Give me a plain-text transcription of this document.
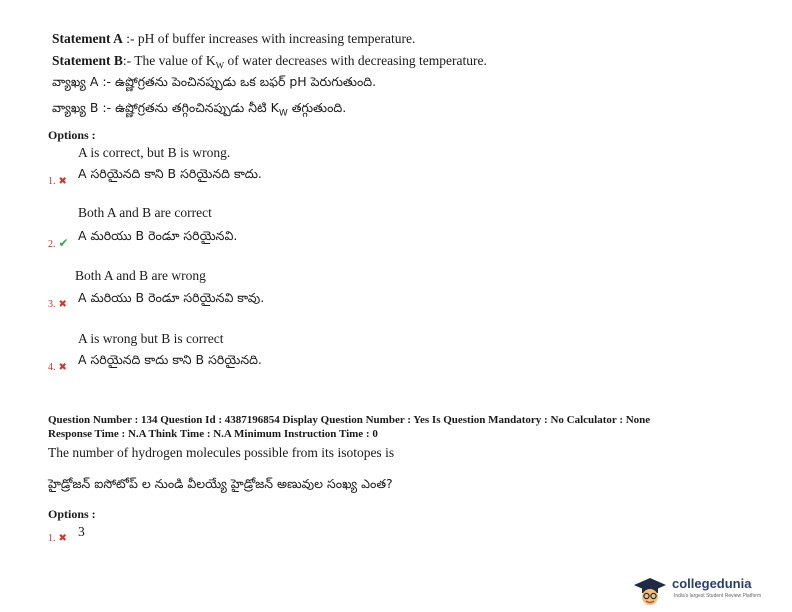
Statement A :- pH of buffer increases with increasing temperature.
Statement B:- The value of $K_W$ of water decreases with decreasing temperature.
వ్యాఖ్య A :- ఉష్ణోగ్రతను పెంచినప్పుడు ఒక బఫర్ pH పెరుగుతుంది.
వ్యాఖ్య B :- ఉష్ణోగ్రతను తగ్గించినప్పుడు నీటి $K_W$ తగ్గుతుంది.
Options :
A is correct, but B is wrong.
A సరియైనది కాని B సరియైనది కాదు.
1. ✖
Both A and B are correct
A మరియు B రెండూ సరియైనవి.
2. ✔
Both A and B are wrong
A మరియు B రెండూ సరియైనవి కావు.
3. ✖
A is wrong but B is correct
A సరియైనది కాదు కాని B సరియైనది.
4. ✖
Question Number : 134 Question Id : 4387196854 Display Question Number : Yes Is Question Mandatory : No Calculator : None
Response Time : N.A Think Time : N.A Minimum Instruction Time : 0
The number of hydrogen molecules possible from its isotopes is
హైడ్రోజన్ ఐసోటోప్ ల నుండి వీలయ్యే హైడ్రోజన్ అణువుల సంఖ్య ఎంత?
Options :
3
1. ✖
collegedunia
India's largest Student Review Platform
